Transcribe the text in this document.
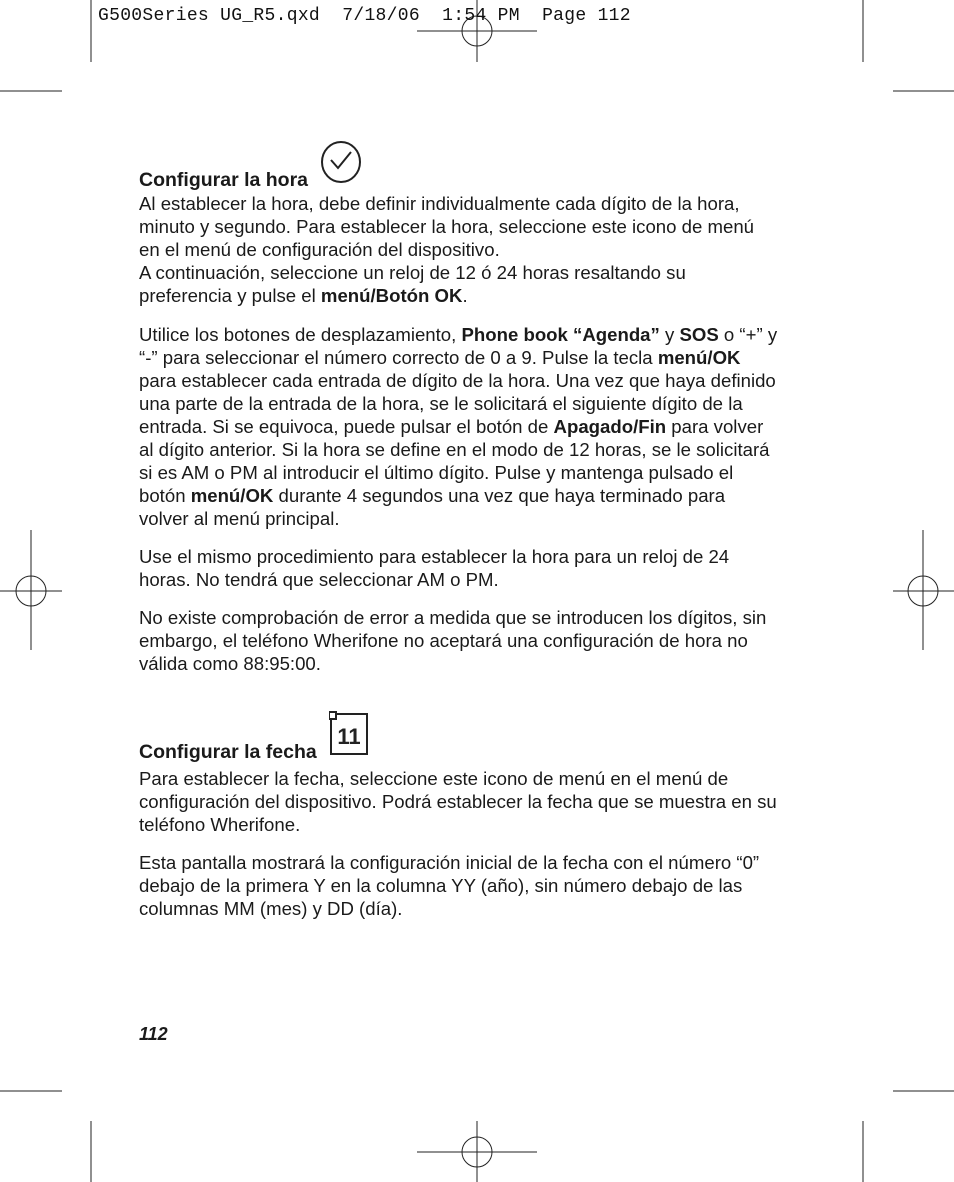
G500Series UG_R5.qxd  7/18/06  1:54 PM  Page 112
Configurar la hora

Al establecer la hora, debe definir individualmente cada dígito de la hora, minuto y segundo. Para establecer la hora, seleccione este icono de menú en el menú de configuración del dispositivo.
A continuación, seleccione un reloj de 12 ó 24 horas resaltando su preferencia y pulse el menú/Botón OK.

Utilice los botones de desplazamiento, Phone book “Agenda” y SOS o “+” y “-” para seleccionar el número correcto de 0 a 9. Pulse la tecla menú/OK para establecer cada entrada de dígito de la hora. Una vez que haya definido una parte de la entrada de la hora, se le solicitará el siguiente dígito de la entrada. Si se equivoca, puede pulsar el botón de Apagado/Fin para volver al dígito anterior. Si la hora se define en el modo de 12 horas, se le solicitará si es AM o PM al introducir el último dígito. Pulse y mantenga pulsado el botón menú/OK durante 4 segundos una vez que haya terminado para volver al menú principal.

Use el mismo procedimiento para establecer la hora para un reloj de 24 horas. No tendrá que seleccionar AM o PM.

No existe comprobación de error a medida que se introducen los dígitos, sin embargo, el teléfono Wherifone no aceptará una configuración de hora no válida como 88:95:00.

Configurar la fecha
11

Para establecer la fecha, seleccione este icono de menú en el menú de configuración del dispositivo. Podrá establecer la fecha que se muestra en su teléfono Wherifone.

Esta pantalla mostrará la configuración inicial de la fecha con el número “0” debajo de la primera Y en la columna YY (año), sin número debajo de las columnas MM (mes) y DD (día).

112
